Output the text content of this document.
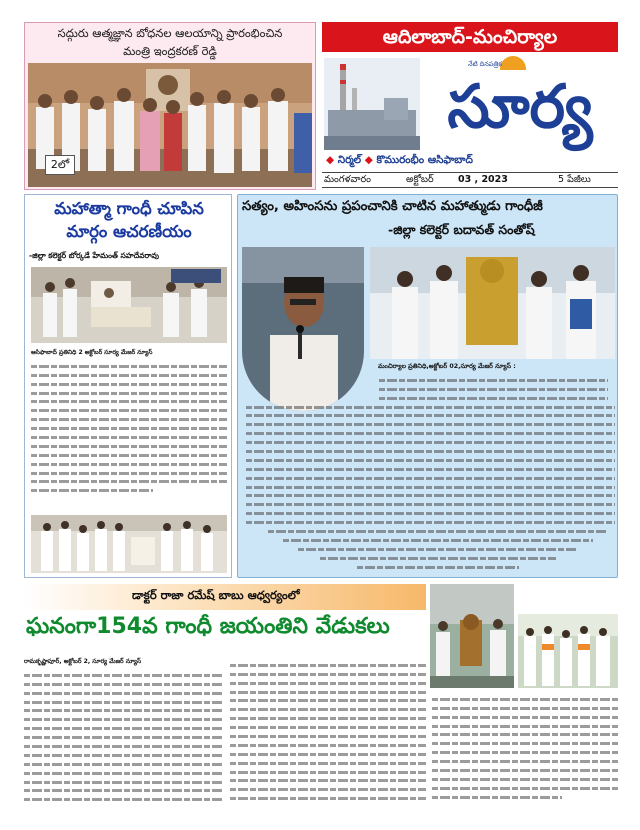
సద్గురు ఆత్మజ్ఞాన బోధనల ఆలయాన్ని ప్రారంభించిన
మంత్రి ఇంద్రకరణ్ రెడ్డి
2లో
ఆదిలాబాద్-మంచిర్యాల
సూర్య
నేటి దినపత్రిక
◆ నిర్మల్ ◆ కొమురంభీం ఆసిఫాబాద్
మంగళవారం	అక్టోబర్	03 , 2023	5 పేజీలు
మహాత్మా గాంధీ చూపిన
మార్గం ఆచరణీయం
-జిల్లా కలెక్టర్ బోర్కడే హేమంత్ సహదేవరావు
ఆసిఫాబాద్ ప్రతినిధి 2 అక్టోబర్ సూర్య మేజర్ న్యూస్
సత్యం, అహింసను ప్రపంచానికి చాటిన మహాత్ముడు గాంధీజీ
-జిల్లా కలెక్టర్ బదావత్ సంతోష్
మంచిర్యాల ప్రతినిధి,అక్టోబర్ 02,సూర్య మేజర్ న్యూస్ :
డాక్టర్ రాజా రమేష్ బాబు ఆధ్వర్యంలో
ఘనంగా154వ గాంధీ జయంతిని వేడుకలు
రామకృష్ణాపూర్, అక్టోబర్ 2, సూర్య మేజర్ న్యూస్
